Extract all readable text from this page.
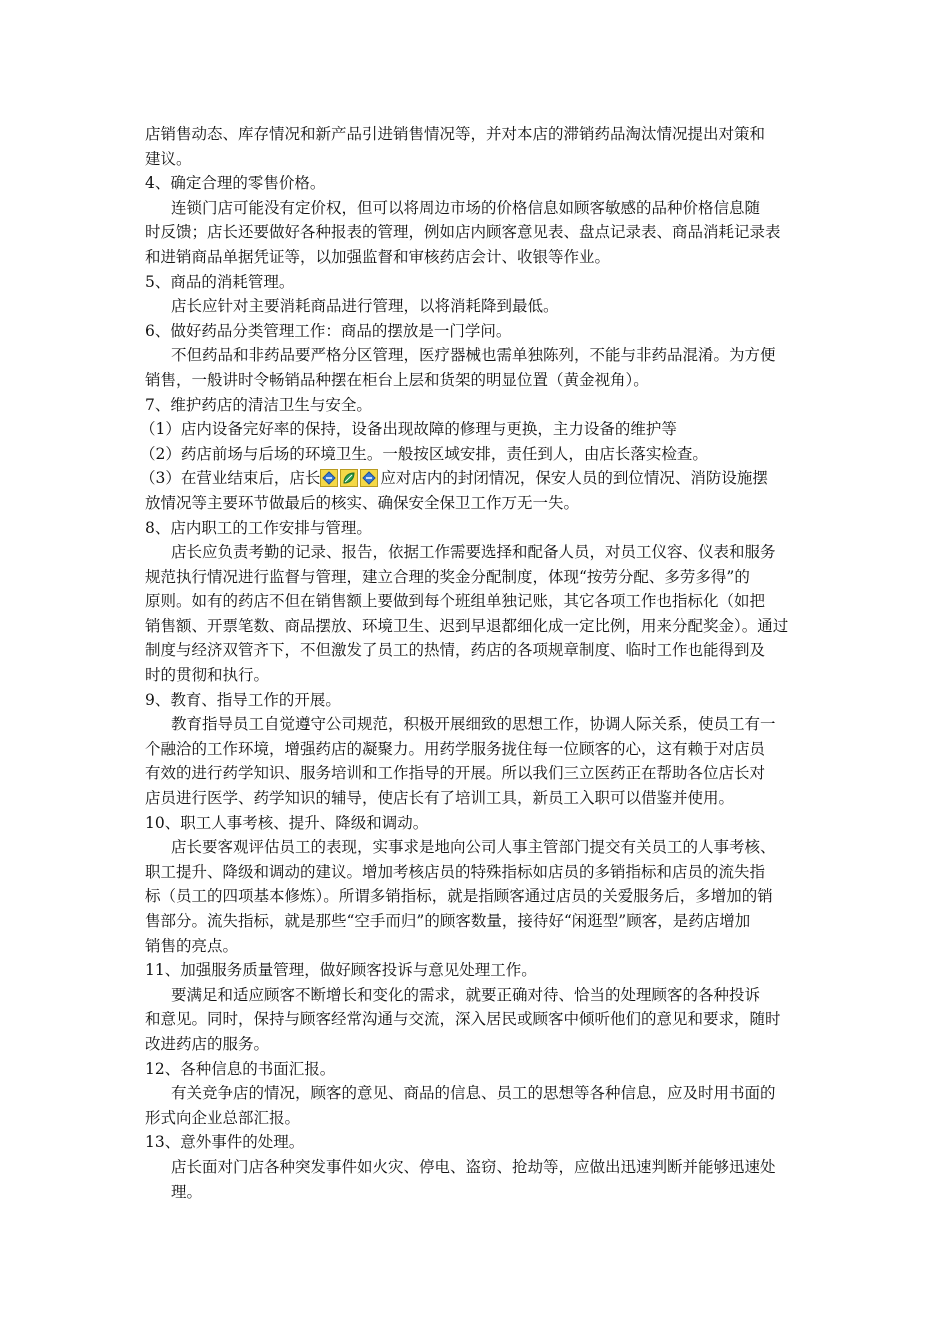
店销售动态、库存情况和新产品引进销售情况等，并对本店的滞销药品淘汰情况提出对策和
建议。
4、确定合理的零售价格。
连锁门店可能没有定价权，但可以将周边市场的价格信息如顾客敏感的品种价格信息随
时反馈；店长还要做好各种报表的管理，例如店内顾客意见表、盘点记录表、商品消耗记录表
和进销商品单据凭证等，以加强监督和审核药店会计、收银等作业。
5、商品的消耗管理。
店长应针对主要消耗商品进行管理，以将消耗降到最低。
6、做好药品分类管理工作：商品的摆放是一门学问。
不但药品和非药品要严格分区管理，医疗器械也需单独陈列，不能与非药品混淆。为方便
销售，一般讲时令畅销品种摆在柜台上层和货架的明显位置（黄金视角）。
7、维护药店的清洁卫生与安全。
（1）店内设备完好率的保持，设备出现故障的修理与更换，主力设备的维护等
（2）药店前场与后场的环境卫生。一般按区域安排，责任到人，由店长落实检查。
（3）在营业结束后，店长	应对店内的封闭情况，保安人员的到位情况、消防设施摆
放情况等主要环节做最后的核实、确保安全保卫工作万无一失。
8、店内职工的工作安排与管理。
店长应负责考勤的记录、报告，依据工作需要选择和配备人员，对员工仪容、仪表和服务
规范执行情况进行监督与管理，建立合理的奖金分配制度，体现“按劳分配、多劳多得”的
原则。如有的药店不但在销售额上要做到每个班组单独记账，其它各项工作也指标化（如把
销售额、开票笔数、商品摆放、环境卫生、迟到早退都细化成一定比例，用来分配奖金）。通过
制度与经济双管齐下，不但激发了员工的热情，药店的各项规章制度、临时工作也能得到及
时的贯彻和执行。
9、教育、指导工作的开展。
教育指导员工自觉遵守公司规范，积极开展细致的思想工作，协调人际关系，使员工有一
个融洽的工作环境，增强药店的凝聚力。用药学服务拢住每一位顾客的心，这有赖于对店员
有效的进行药学知识、服务培训和工作指导的开展。所以我们三立医药正在帮助各位店长对
店员进行医学、药学知识的辅导，使店长有了培训工具，新员工入职可以借鉴并使用。
10、职工人事考核、提升、降级和调动。
店长要客观评估员工的表现，实事求是地向公司人事主管部门提交有关员工的人事考核、
职工提升、降级和调动的建议。增加考核店员的特殊指标如店员的多销指标和店员的流失指
标（员工的四项基本修炼）。所谓多销指标，就是指顾客通过店员的关爱服务后，多增加的销
售部分。流失指标，就是那些“空手而归”的顾客数量，接待好“闲逛型”顾客，是药店增加
销售的亮点。
11、加强服务质量管理，做好顾客投诉与意见处理工作。
要满足和适应顾客不断增长和变化的需求，就要正确对待、恰当的处理顾客的各种投诉
和意见。同时，保持与顾客经常沟通与交流，深入居民或顾客中倾听他们的意见和要求，随时
改进药店的服务。
12、各种信息的书面汇报。
有关竞争店的情况，顾客的意见、商品的信息、员工的思想等各种信息，应及时用书面的
形式向企业总部汇报。
13、意外事件的处理。
店长面对门店各种突发事件如火灾、停电、盗窃、抢劫等，应做出迅速判断并能够迅速处
理。
